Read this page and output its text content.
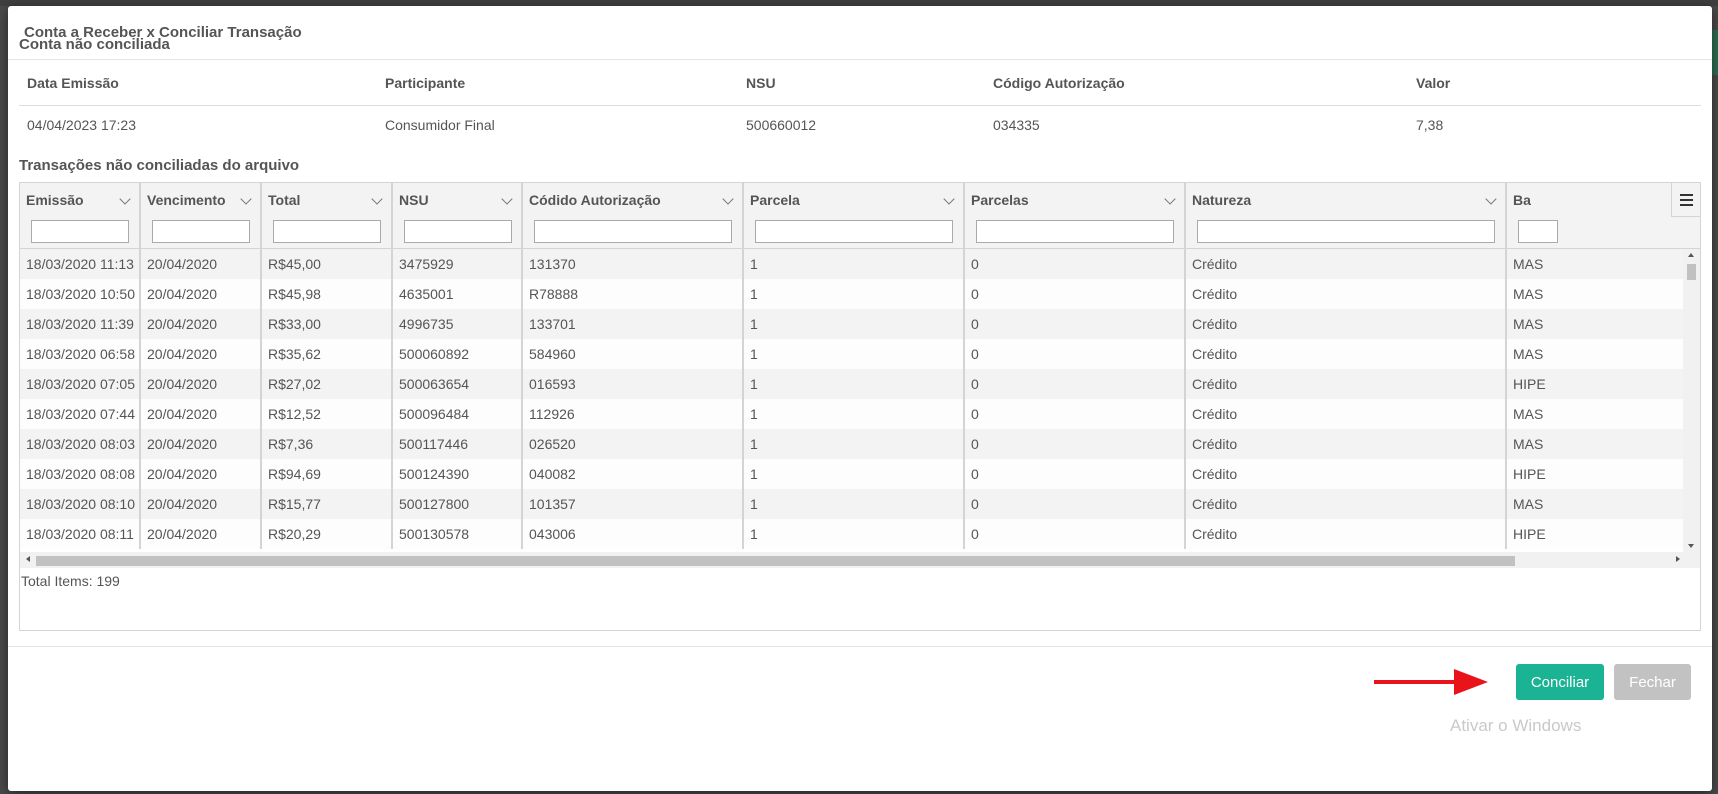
Conta a Receber x Conciliar Transação
Conta não conciliada
Data Emissão	Participante	NSU	Código Autorização	Valor
04/04/2023 17:23	Consumidor Final	500660012	034335	7,38
Transações não conciliadas do arquivo
Emissão	Vencimento	Total	NSU	Códido Autorização	Parcela	Parcelas	Natureza	Ba
18/03/2020 11:13 20/04/2020	R$45,00	3475929	131370	1	0	Crédito	MAS
18/03/2020 10:50 20/04/2020	R$45,98	4635001	R78888	1	0	Crédito	MAS
18/03/2020 11:39 20/04/2020	R$33,00	4996735	133701	1	0	Crédito	MAS
18/03/2020 06:58 20/04/2020	R$35,62	500060892	584960	1	0	Crédito	MAS
18/03/2020 07:05 20/04/2020	R$27,02	500063654	016593	1	0	Crédito	HIPE
18/03/2020 07:44 20/04/2020	R$12,52	500096484	112926	1	0	Crédito	MAS
18/03/2020 08:03 20/04/2020	R$7,36	500117446	026520	1	0	Crédito	MAS
18/03/2020 08:08 20/04/2020	R$94,69	500124390	040082	1	0	Crédito	HIPE
18/03/2020 08:10 20/04/2020	R$15,77	500127800	101357	1	0	Crédito	MAS
18/03/2020 08:11 20/04/2020	R$20,29	500130578	043006	1	0	Crédito	HIPE
Total Items: 199
Conciliar	Fechar
Ativar o Windows
